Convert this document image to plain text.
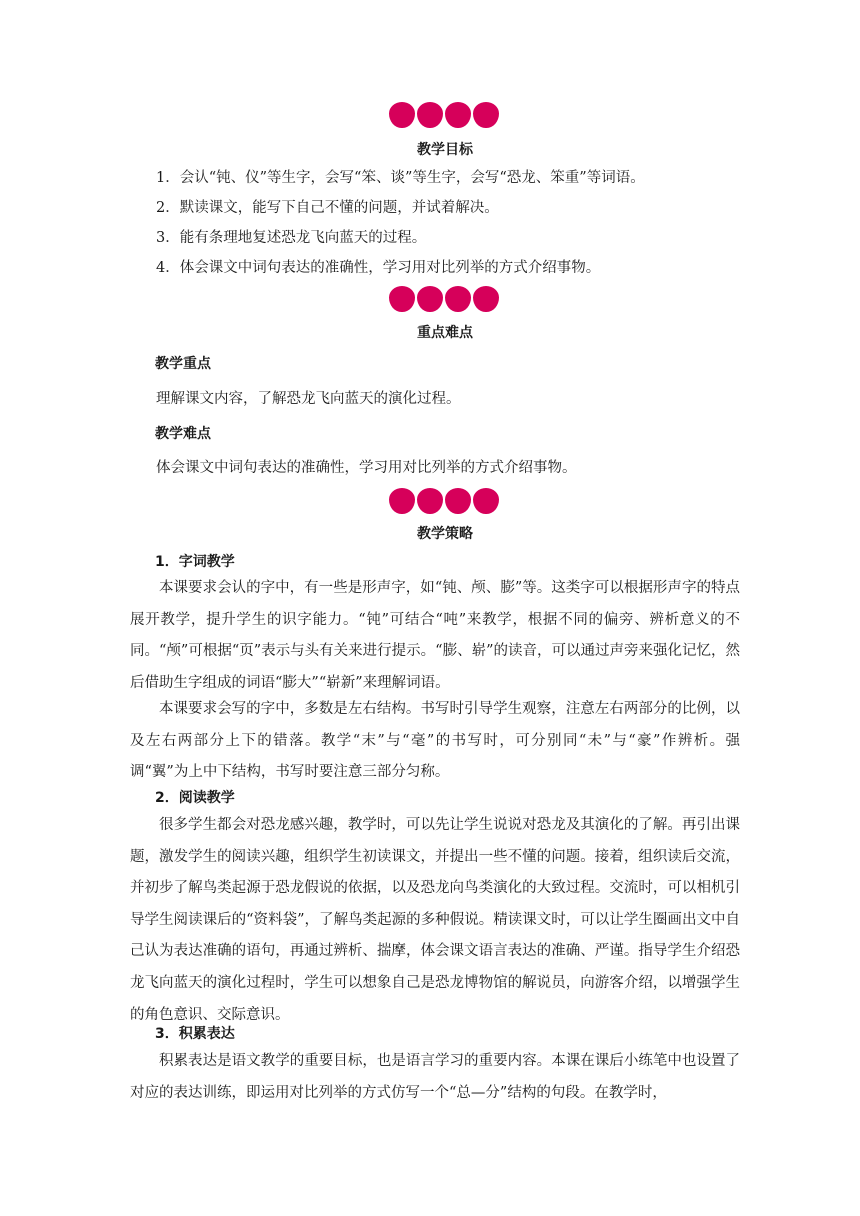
教学目标
1．会认“钝、仪”等生字，会写“笨、谈”等生字，会写“恐龙、笨重”等词语。
2．默读课文，能写下自己不懂的问题，并试着解决。
3．能有条理地复述恐龙飞向蓝天的过程。
4．体会课文中词句表达的准确性，学习用对比列举的方式介绍事物。
重点难点
教学重点
理解课文内容，了解恐龙飞向蓝天的演化过程。
教学难点
体会课文中词句表达的准确性，学习用对比列举的方式介绍事物。
教学策略
1．字词教学
本课要求会认的字中，有一些是形声字，如“钝、颅、膨”等。这类字可以根据形声字的特点展开教学，提升学生的识字能力。“钝”可结合“吨”来教学，根据不同的偏旁、辨析意义的不同。“颅”可根据“页”表示与头有关来进行提示。“膨、崭”的读音，可以通过声旁来强化记忆，然后借助生字组成的词语“膨大”“崭新”来理解词语。
本课要求会写的字中，多数是左右结构。书写时引导学生观察，注意左右两部分的比例，以及左右两部分上下的错落。教学“末”与“毫”的书写时，可分别同“未”与“豪”作辨析。强调“翼”为上中下结构，书写时要注意三部分匀称。
2．阅读教学
很多学生都会对恐龙感兴趣，教学时，可以先让学生说说对恐龙及其演化的了解。再引出课题，激发学生的阅读兴趣，组织学生初读课文，并提出一些不懂的问题。接着，组织读后交流，并初步了解鸟类起源于恐龙假说的依据，以及恐龙向鸟类演化的大致过程。交流时，可以相机引导学生阅读课后的“资料袋”，了解鸟类起源的多种假说。精读课文时，可以让学生圈画出文中自己认为表达准确的语句，再通过辨析、揣摩，体会课文语言表达的准确、严谨。指导学生介绍恐龙飞向蓝天的演化过程时，学生可以想象自己是恐龙博物馆的解说员，向游客介绍，以增强学生的角色意识、交际意识。
3．积累表达
积累表达是语文教学的重要目标，也是语言学习的重要内容。本课在课后小练笔中也设置了对应的表达训练，即运用对比列举的方式仿写一个“总—分”结构的句段。在教学时，
